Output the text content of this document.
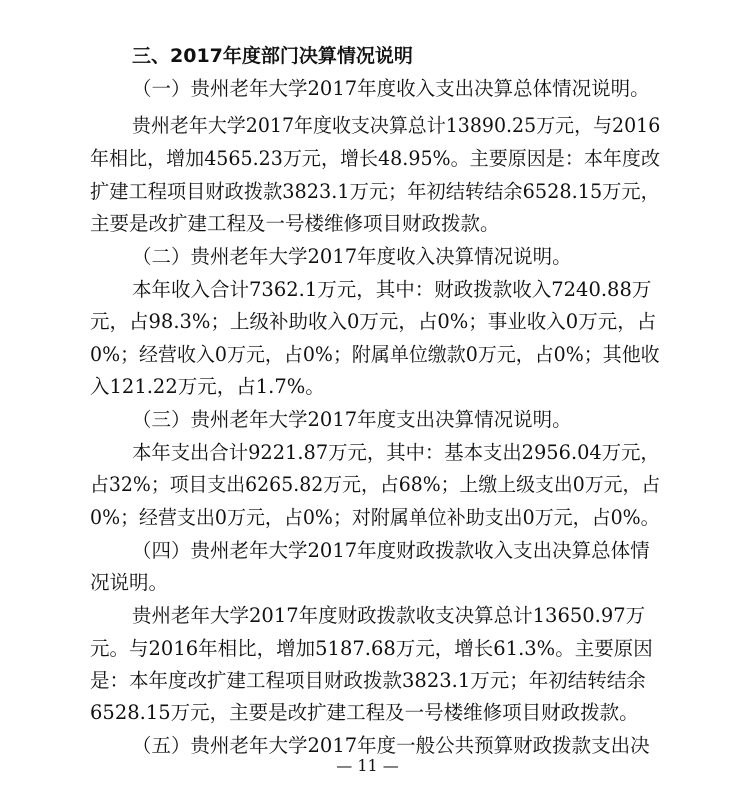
三、2017年度部门决算情况说明
（一）贵州老年大学2017年度收入支出决算总体情况说明。
贵州老年大学2017年度收支决算总计13890.25万元，与2016
年相比，增加4565.23万元，增长48.95%。主要原因是：本年度改
扩建工程项目财政拨款3823.1万元；年初结转结余6528.15万元，
主要是改扩建工程及一号楼维修项目财政拨款。
（二）贵州老年大学2017年度收入决算情况说明。
本年收入合计7362.1万元，其中：财政拨款收入7240.88万
元，占98.3%；上级补助收入0万元，占0%；事业收入0万元，占
0%；经营收入0万元，占0%；附属单位缴款0万元，占0%；其他收
入121.22万元，占1.7%。
（三）贵州老年大学2017年度支出决算情况说明。
本年支出合计9221.87万元，其中：基本支出2956.04万元，
占32%；项目支出6265.82万元，占68%；上缴上级支出0万元，占
0%；经营支出0万元，占0%；对附属单位补助支出0万元，占0%。
（四）贵州老年大学2017年度财政拨款收入支出决算总体情
况说明。
贵州老年大学2017年度财政拨款收支决算总计13650.97万
元。与2016年相比，增加5187.68万元，增长61.3%。主要原因
是：本年度改扩建工程项目财政拨款3823.1万元；年初结转结余
6528.15万元，主要是改扩建工程及一号楼维修项目财政拨款。
（五）贵州老年大学2017年度一般公共预算财政拨款支出决
— 11 —
